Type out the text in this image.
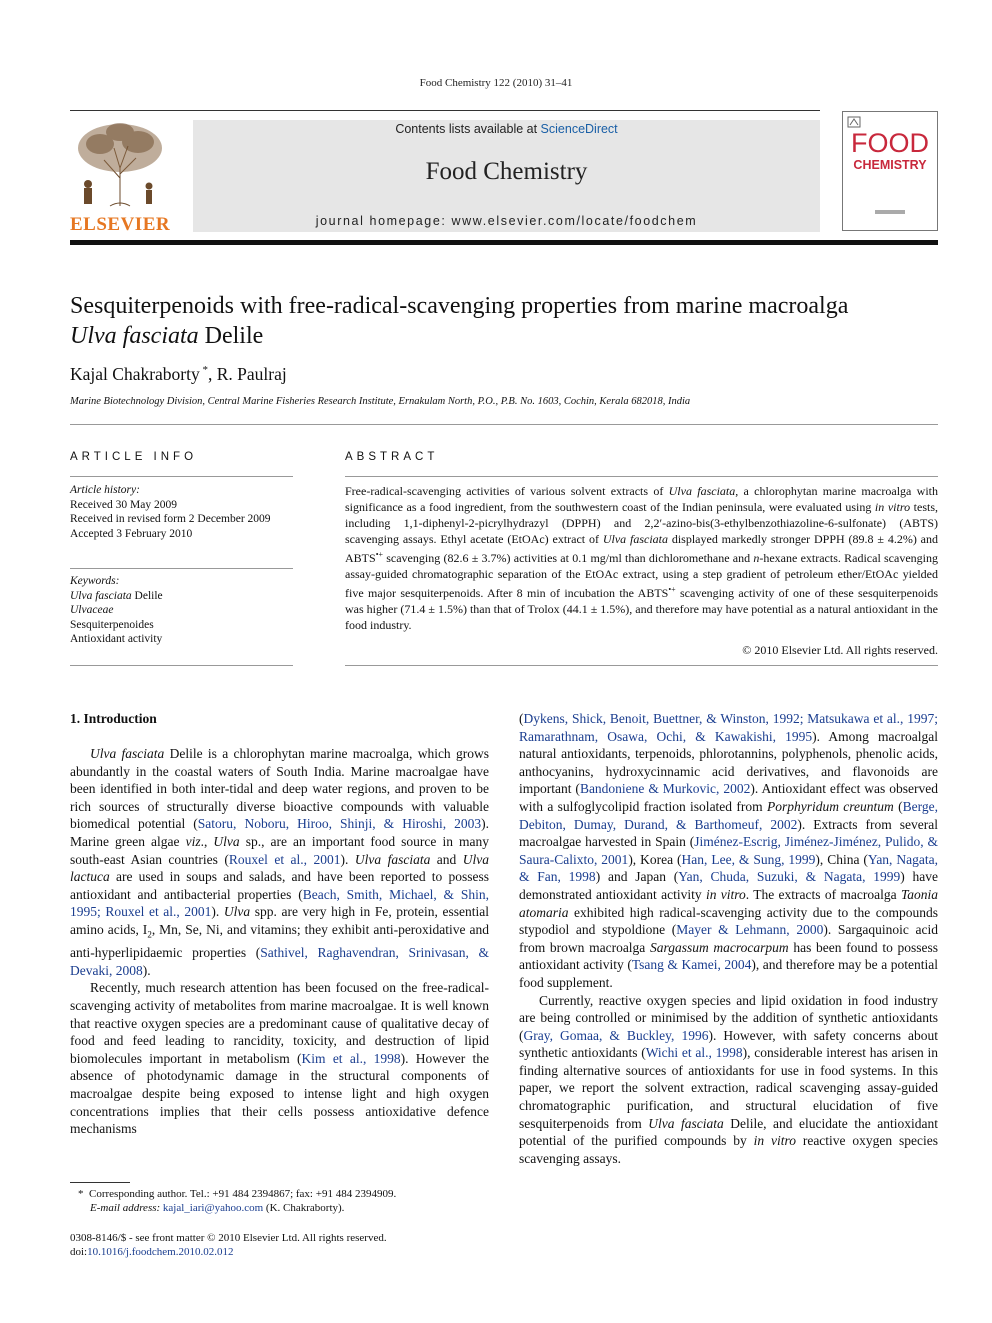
Food Chemistry 122 (2010) 31–41
ELSEVIER
Contents lists available at ScienceDirect
Food Chemistry
journal homepage: www.elsevier.com/locate/foodchem
FOOD
CHEMISTRY
Sesquiterpenoids with free-radical-scavenging properties from marine macroalga
Ulva fasciata Delile
Kajal Chakraborty *, R. Paulraj
Marine Biotechnology Division, Central Marine Fisheries Research Institute, Ernakulam North, P.O., P.B. No. 1603, Cochin, Kerala 682018, India
ARTICLE INFO
Article history:
Received 30 May 2009
Received in revised form 2 December 2009
Accepted 3 February 2010
Keywords:
Ulva fasciata Delile
Ulvaceae
Sesquiterpenoides
Antioxidant activity
ABSTRACT
Free-radical-scavenging activities of various solvent extracts of Ulva fasciata, a chlorophytan marine macroalga with significance as a food ingredient, from the southwestern coast of the Indian peninsula, were evaluated using in vitro tests, including 1,1-diphenyl-2-picrylhydrazyl (DPPH) and 2,2′-azino-bis(3-ethylbenzothiazoline-6-sulfonate) (ABTS) scavenging assays. Ethyl acetate (EtOAc) extract of Ulva fasciata displayed markedly stronger DPPH (89.8 ± 4.2%) and ABTS•+ scavenging (82.6 ± 3.7%) activities at 0.1 mg/ml than dichloromethane and n-hexane extracts. Radical scavenging assay-guided chromatographic separation of the EtOAc extract, using a step gradient of petroleum ether/EtOAc yielded five major sesquiterpenoids. After 8 min of incubation the ABTS•+ scavenging activity of one of these sesquiterpenoids was higher (71.4 ± 1.5%) than that of Trolox (44.1 ± 1.5%), and therefore may have potential as a natural antioxidant in the food industry.
© 2010 Elsevier Ltd. All rights reserved.
1. Introduction

Ulva fasciata Delile is a chlorophytan marine macroalga, which grows abundantly in the coastal waters of South India. Marine macroalgae have been identified in both inter-tidal and deep water regions, and proven to be rich sources of structurally diverse bioactive compounds with valuable biomedical potential (Satoru, Noboru, Hiroo, Shinji, & Hiroshi, 2003). Marine green algae viz., Ulva sp., are an important food source in many south-east Asian countries (Rouxel et al., 2001). Ulva fasciata and Ulva lactuca are used in soups and salads, and have been reported to possess antioxidant and antibacterial properties (Beach, Smith, Michael, & Shin, 1995; Rouxel et al., 2001). Ulva spp. are very high in Fe, protein, essential amino acids, $I_2$, Mn, Se, Ni, and vitamins; they exhibit anti-peroxidative and anti-hyperlipidaemic properties (Sathivel, Raghavendran, Srinivasan, & Devaki, 2008).

Recently, much research attention has been focused on the free-radical-scavenging activity of metabolites from marine macroalgae. It is well known that reactive oxygen species are a predominant cause of qualitative decay of food and feed leading to rancidity, toxicity, and destruction of lipid biomolecules important in metabolism (Kim et al., 1998). However the absence of photodynamic damage in the structural components of macroalgae despite being exposed to intense light and high oxygen concentrations implies that their cells possess antioxidative defence mechanisms

(Dykens, Shick, Benoit, Buettner, & Winston, 1992; Matsukawa et al., 1997; Ramarathnam, Osawa, Ochi, & Kawakishi, 1995). Among macroalgal natural antioxidants, terpenoids, phlorotannins, polyphenols, phenolic acids, anthocyanins, hydroxycinnamic acid derivatives, and flavonoids are important (Bandoniene & Murkovic, 2002). Antioxidant effect was observed with a sulfoglycolipid fraction isolated from Porphyridum creuntum (Berge, Debiton, Dumay, Durand, & Barthomeuf, 2002). Extracts from several macroalgae harvested in Spain (Jiménez-Escrig, Jiménez-Jiménez, Pulido, & Saura-Calixto, 2001), Korea (Han, Lee, & Sung, 1999), China (Yan, Nagata, & Fan, 1998) and Japan (Yan, Chuda, Suzuki, & Nagata, 1999) have demonstrated antioxidant activity in vitro. The extracts of macroalga Taonia atomaria exhibited high radical-scavenging activity due to the compounds stypodiol and stypoldione (Mayer & Lehmann, 2000). Sargaquinoic acid from brown macroalga Sargassum macrocarpum has been found to possess antioxidant activity (Tsang & Kamei, 2004), and therefore may be a potential food supplement.

Currently, reactive oxygen species and lipid oxidation in food industry are being controlled or minimised by the addition of synthetic antioxidants (Gray, Gomaa, & Buckley, 1996). However, with safety concerns about synthetic antioxidants (Wichi et al., 1998), considerable interest has arisen in finding alternative sources of antioxidants for use in food systems. In this paper, we report the solvent extraction, radical scavenging assay-guided chromatographic purification, and structural elucidation of five sesquiterpenoids from Ulva fasciata Delile, and elucidate the antioxidant potential of the purified compounds by in vitro reactive oxygen species scavenging assays.

* Corresponding author. Tel.: +91 484 2394867; fax: +91 484 2394909.
E-mail address: kajal_iari@yahoo.com (K. Chakraborty).
0308-8146/$ - see front matter © 2010 Elsevier Ltd. All rights reserved.
doi:10.1016/j.foodchem.2010.02.012
